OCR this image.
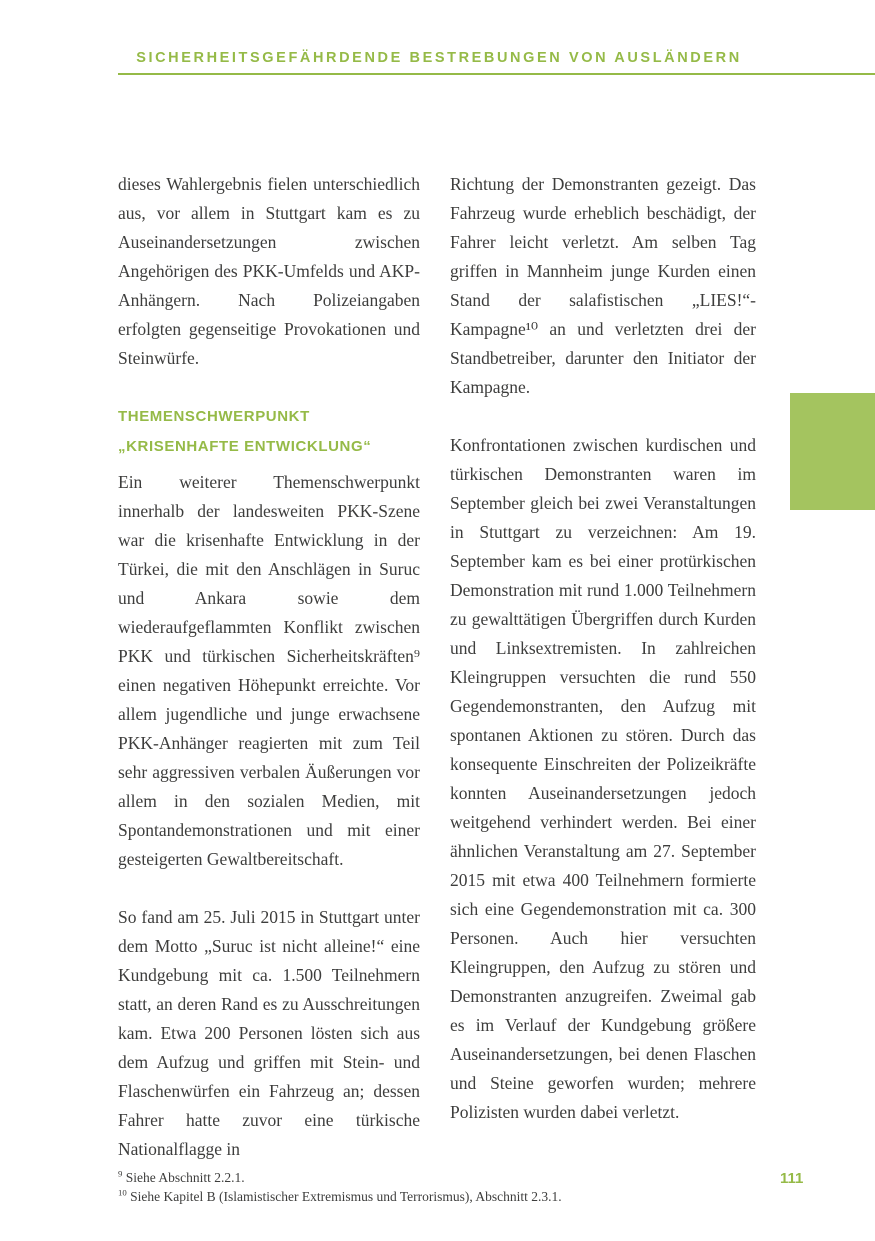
SICHERHEITSGEFÄHRDENDE BESTREBUNGEN VON AUSLÄNDERN

dieses Wahlergebnis fielen unterschiedlich aus, vor allem in Stuttgart kam es zu Auseinandersetzungen zwischen Angehörigen des PKK-Umfelds und AKP-Anhängern. Nach Polizeiangaben erfolgten gegenseitige Provokationen und Steinwürfe.

THEMENSCHWERPUNKT
„KRISENHAFTE ENTWICKLUNG“

Ein weiterer Themenschwerpunkt innerhalb der landesweiten PKK-Szene war die krisenhafte Entwicklung in der Türkei, die mit den Anschlägen in Suruc und Ankara sowie dem wiederaufgeflammten Konflikt zwischen PKK und türkischen Sicherheitskräften⁹ einen negativen Höhepunkt erreichte. Vor allem jugendliche und junge erwachsene PKK-Anhänger reagierten mit zum Teil sehr aggressiven verbalen Äußerungen vor allem in den sozialen Medien, mit Spontandemonstrationen und mit einer gesteigerten Gewaltbereitschaft.

So fand am 25. Juli 2015 in Stuttgart unter dem Motto „Suruc ist nicht alleine!“ eine Kundgebung mit ca. 1.500 Teilnehmern statt, an deren Rand es zu Ausschreitungen kam. Etwa 200 Personen lösten sich aus dem Aufzug und griffen mit Stein- und Flaschenwürfen ein Fahrzeug an; dessen Fahrer hatte zuvor eine türkische Nationalflagge in

Richtung der Demonstranten gezeigt. Das Fahrzeug wurde erheblich beschädigt, der Fahrer leicht verletzt. Am selben Tag griffen in Mannheim junge Kurden einen Stand der salafistischen „LIES!“-Kampagne¹⁰ an und verletzten drei der Standbetreiber, darunter den Initiator der Kampagne.

Konfrontationen zwischen kurdischen und türkischen Demonstranten waren im September gleich bei zwei Veranstaltungen in Stuttgart zu verzeichnen: Am 19. September kam es bei einer protürkischen Demonstration mit rund 1.000 Teilnehmern zu gewalttätigen Übergriffen durch Kurden und Linksextremisten. In zahlreichen Kleingruppen versuchten die rund 550 Gegendemonstranten, den Aufzug mit spontanen Aktionen zu stören. Durch das konsequente Einschreiten der Polizeikräfte konnten Auseinandersetzungen jedoch weitgehend verhindert werden. Bei einer ähnlichen Veranstaltung am 27. September 2015 mit etwa 400 Teilnehmern formierte sich eine Gegendemonstration mit ca. 300 Personen. Auch hier versuchten Kleingruppen, den Aufzug zu stören und Demonstranten anzugreifen. Zweimal gab es im Verlauf der Kundgebung größere Auseinandersetzungen, bei denen Flaschen und Steine geworfen wurden; mehrere Polizisten wurden dabei verletzt.

$^9$ Siehe Abschnitt 2.2.1.
$^{10}$ Siehe Kapitel B (Islamistischer Extremismus und Terrorismus), Abschnitt 2.3.1.
111
